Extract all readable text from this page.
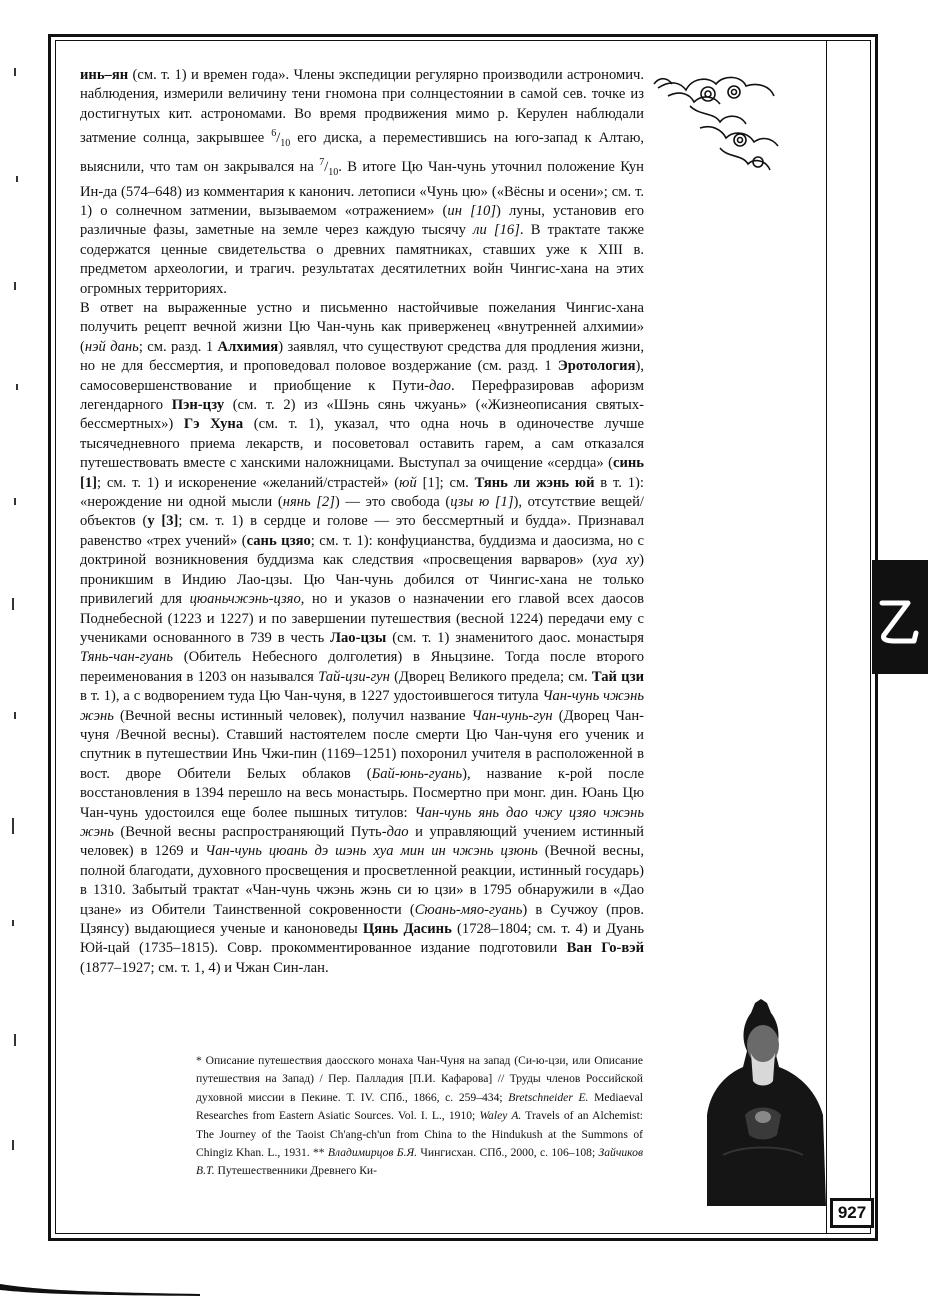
инь–ян (см. т. 1) и времен года». Члены экспедиции регулярно производили астрономич. наблюдения, измерили величину тени гномона при солнцестоянии в самой сев. точке из достигнутых кит. астрономами. Во время продвижения мимо р. Керулен наблюдали затмение солнца, закрывшее $^6/_{10}$ его диска, а переместившись на юго-запад к Алтаю, выяснили, что там он закрывался на $^7/_{10}$. В итоге Цю Чан-чунь уточнил положение Кун Ин-да (574–648) из комментария к канонич. летописи «Чунь цю» («Вёсны и осени»; см. т. 1) о солнечном затмении, вызываемом «отражением» (ин [10]) луны, установив его различные фазы, заметные на земле через каждую тысячу ли [16]. В трактате также содержатся ценные свидетельства о древних памятниках, ставших уже к XIII в. предметом археологии, и трагич. результатах десятилетних войн Чингис-хана на этих огромных территориях.

В ответ на выраженные устно и письменно настойчивые пожелания Чингис-хана получить рецепт вечной жизни Цю Чан-чунь как приверженец «внутренней алхимии» (нэй дань; см. разд. 1 Алхимия) заявлял, что существуют средства для продления жизни, но не для бессмертия, и проповедовал половое воздержание (см. разд. 1 Эротология), самосовершенствование и приобщение к Пути-дао. Перефразировав афоризм легендарного Пэн-цзу (см. т. 2) из «Шэнь сянь чжуань» («Жизнеописания святых-бессмертных») Гэ Хуна (см. т. 1), указал, что одна ночь в одиночестве лучше тысячедневного приема лекарств, и посоветовал оставить гарем, а сам отказался путешествовать вместе с ханскими наложницами. Выступал за очищение «сердца» (синь [1]; см. т. 1) и искоренение «желаний/страстей» (юй [1]; см. Тянь ли жэнь юй в т. 1): «нерождение ни одной мысли (нянь [2]) — это свобода (цзы ю [1]), отсутствие вещей/объектов (у [3]; см. т. 1) в сердце и голове — это бессмертный и будда». Признавал равенство «трех учений» (сань цзяо; см. т. 1): конфуцианства, буддизма и даосизма, но с доктриной возникновения буддизма как следствия «просвещения варваров» (хуа ху) проникшим в Индию Лао-цзы. Цю Чан-чунь добился от Чингис-хана не только привилегий для цюаньчжэнь-цзяо, но и указов о назначении его главой всех даосов Поднебесной (1223 и 1227) и по завершении путешествия (весной 1224) передачи ему с учениками основанного в 739 в честь Лао-цзы (см. т. 1) знаменитого даос. монастыря Тянь-чан-гуань (Обитель Небесного долголетия) в Яньцзине. Тогда после второго переименования в 1203 он назывался Тай-цзи-гун (Дворец Великого предела; см. Тай цзи в т. 1), а с водворением туда Цю Чан-чуня, в 1227 удостоившегося титула Чан-чунь чжэнь жэнь (Вечной весны истинный человек), получил название Чан-чунь-гун (Дворец Чан-чуня /Вечной весны). Ставший настоятелем после смерти Цю Чан-чуня его ученик и спутник в путешествии Инь Чжи-пин (1169–1251) похоронил учителя в расположенной в вост. дворе Обители Белых облаков (Бай-юнь-гуань), название к-рой после восстановления в 1394 перешло на весь монастырь. Посмертно при монг. дин. Юань Цю Чан-чунь удостоился еще более пышных титулов: Чан-чунь янь дао чжу цзяо чжэнь жэнь (Вечной весны распространяющий Путь-дао и управляющий учением истинный человек) в 1269 и Чан-чунь цюань дэ шэнь хуа мин ин чжэнь цзюнь (Вечной весны, полной благодати, духовного просвещения и просветленной реакции, истинный государь) в 1310. Забытый трактат «Чан-чунь чжэнь жэнь си ю цзи» в 1795 обнаружили в «Дао цзане» из Обители Таинственной сокровенности (Сюань-мяо-гуань) в Сучжоу (пров. Цзянсу) выдающиеся ученые и каноноведы Цянь Дасинь (1728–1804; см. т. 4) и Дуань Юй-цай (1735–1815). Совр. прокомментированное издание подготовили Ван Го-вэй (1877–1927; см. т. 1, 4) и Чжан Син-лан.

* Описание путешествия даосского монаха Чан-Чуня на запад (Си-ю-цзи, или Описание путешествия на Запад) / Пер. Палладия [П.И. Кафарова] // Труды членов Российской духовной миссии в Пекине. Т. IV. СПб., 1866, с. 259–434; Bretschneider E. Mediaeval Researches from Eastern Asiatic Sources. Vol. I. L., 1910; Waley A. Travels of an Alchemist: The Journey of the Taoist Ch'ang-ch'un from China to the Hindukush at the Summons of Chingiz Khan. L., 1931. ** Владимирцов Б.Я. Чингисхан. СПб., 2000, с. 106–108; Зайчиков В.Т. Путешественники Древнего Ки-

927
